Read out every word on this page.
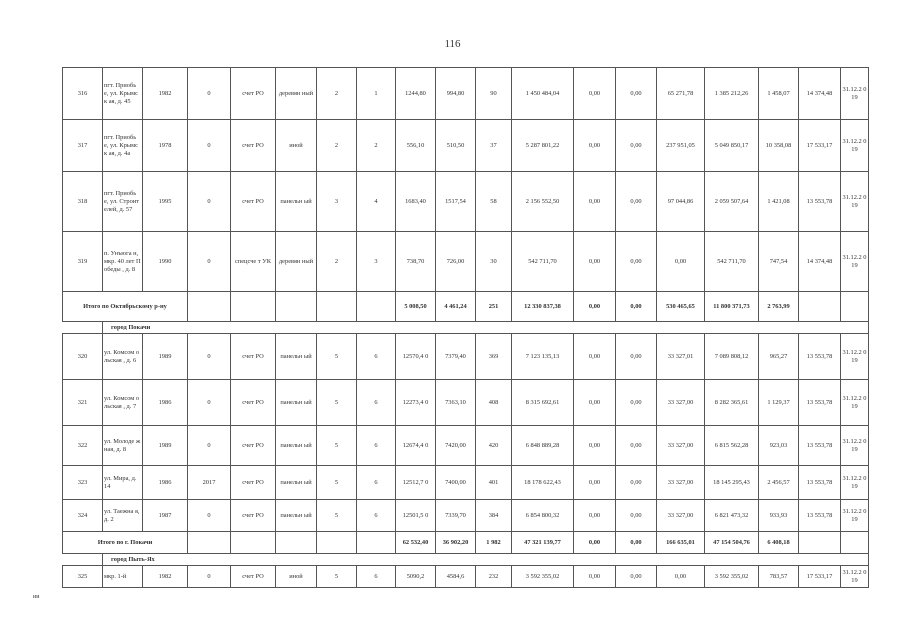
116
316	пгт. Приобь е, ул. Крымск ая, д. 45	1982	0	счет РО	деревян ный	2	1	1244,80	994,80	90	1 450 484,04	0,00	0,00	65 271,78	1 385 212,26	1 458,07	14 374,48	31.12.2 019
317	пгт. Приобь е, ул. Крымск ая, д. 4а	1978	0	счет РО	иной	2	2	556,10	510,50	37	5 287 801,22	0,00	0,00	237 951,05	5 049 850,17	10 358,08	17 533,17	31.12.2 019
318	пгт. Приобь е, ул. Строит елей, д. 57	1995	0	счет РО	панельн ый	3	4	1683,40	1517,54	58	2 156 552,50	0,00	0,00	97 044,86	2 059 507,64	1 421,08	13 553,78	31.12.2 019
319	п. Унъюга н, мкр. 40 лет Победы , д. 8	1990	0	спецсче т УК	деревян ный	2	3	738,70	726,00	30	542 711,70	0,00	0,00	0,00	542 711,70	747,54	14 374,48	31.12.2 019
Итого по Октябрьскому р-ну								5 008,50	4 461,24	251	12 330 837,38	0,00	0,00	530 465,65	11 800 371,73	2 763,99		
	город Покачи																	
320	ул. Комсом ольская , д. 6	1989	0	счет РО	панельн ый	5	6	12570,4 0	7379,40	369	7 123 135,13	0,00	0,00	33 327,01	7 089 808,12	965,27	13 553,78	31.12.2 019
321	ул. Комсом ольская , д. 7	1986	0	счет РО	панельн ый	5	6	12273,4 0	7363,10	408	8 315 692,61	0,00	0,00	33 327,00	8 282 365,61	1 129,37	13 553,78	31.12.2 019
322	ул. Молоде жная, д. 8	1989	0	счет РО	панельн ый	5	6	12674,4 0	7420,00	420	6 848 889,28	0,00	0,00	33 327,00	6 815 562,28	923,03	13 553,78	31.12.2 019
323	ул. Мира, д. 14	1986	2017	счет РО	панельн ый	5	6	12512,7 0	7400,00	401	18 178 622,43	0,00	0,00	33 327,00	18 145 295,43	2 456,57	13 553,78	31.12.2 019
324	ул. Таежна я, д. 2	1987	0	счет РО	панельн ый	5	6	12501,5 0	7339,70	384	6 854 800,32	0,00	0,00	33 327,00	6 821 473,32	933,93	13 553,78	31.12.2 019
Итого по г. Покачи								62 532,40	36 902,20	1 982	47 321 139,77	0,00	0,00	166 635,01	47 154 504,76	6 408,18		
	город Пыть-Ях																	
325	мкр. 1-й	1982	0	счет РО	иной	5	6	5090,2	4584,6	232	3 592 355,02	0,00	0,00	0,00	3 592 355,02	783,57	17 533,17	31.12.2 019
ии
